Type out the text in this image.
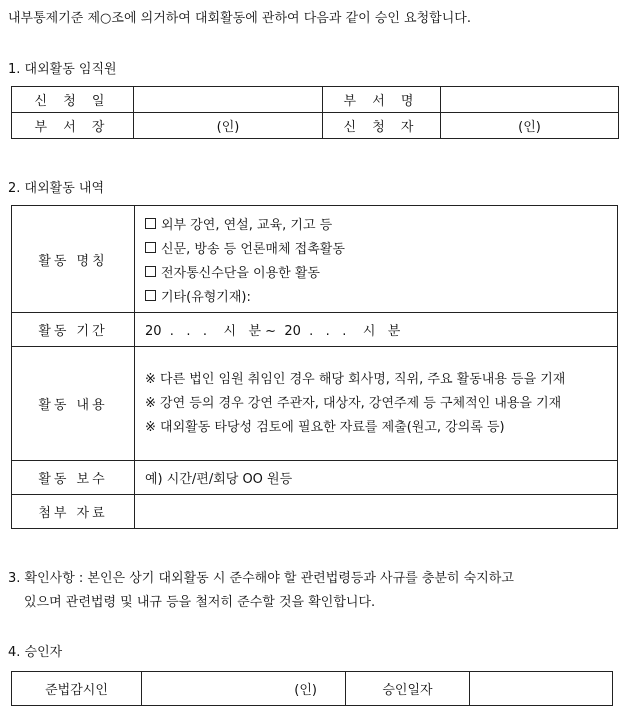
내부통제기준 제○조에 의거하여 대회활동에 관하여 다음과 같이 승인 요청합니다.
1. 대외활동 임직원
신 청 일		부 서 명	
부 서 장	(인)	신 청 자	(인)
2. 대외활동 내역
활동 명칭	외부 강연, 연설, 교육, 기고 등
신문, 방송 등 언론매체 접촉활동
전자통신수단을 이용한 활동
기타(유형기재):

활동 기간	20  .   .   .    시   분 ~  20  .   .   .    시   분
활동 내용	※ 다른 법인 임원 취임인 경우 해당 회사명, 직위, 주요 활동내용 등을 기재
※ 강연 등의 경우 강연 주관자, 대상자, 강연주제 등 구체적인 내용을 기재
※ 대외활동 타당성 검토에 필요한 자료를 제출(원고, 강의록 등)

활동 보수	예) 시간/편/회당 OO 원등
첨부 자료	
3. 확인사항 : 본인은 상기 대외활동 시 준수해야 할 관련법령등과 사규를 충분히 숙지하고
있으며 관련법령 및 내규 등을 철저히 준수할 것을 확인합니다.
4. 승인자
준법감시인	(인)	승인일자	
